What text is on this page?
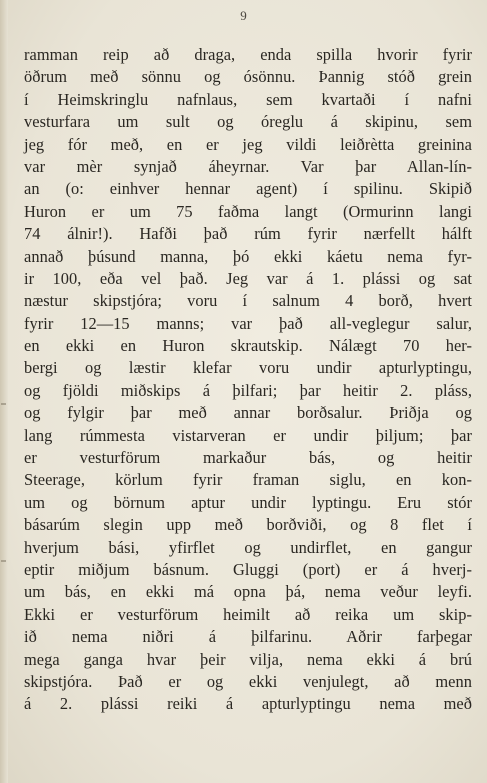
9
ramman reip að draga, enda spilla hvorir fyrir
öðrum með sönnu og ósönnu. Þannig stóð grein
í Heimskringlu nafnlaus, sem kvartaði í nafni
vesturfara um sult og óreglu á skipinu, sem
jeg fór með, en er jeg vildi leiðrètta greinina
var mèr synjað áheyrnar. Var þar Allan-lín-
an (o: einhver hennar agent) í spilinu. Skipið
Huron er um 75 faðma langt (Ormurinn langi
74 álnir!). Hafði það rúm fyrir nærfellt hálft
annað þúsund manna, þó ekki káetu nema fyr-
ir 100, eða vel það. Jeg var á 1. plássi og sat
næstur skipstjóra; voru í salnum 4 borð, hvert
fyrir 12—15 manns; var það all-veglegur salur,
en ekki en Huron skrautskip. Nálægt 70 her-
bergi og læstir klefar voru undir apturlyptingu,
og fjöldi miðskips á þilfari; þar heitir 2. pláss,
og fylgir þar með annar borðsalur. Þriðja og
lang rúmmesta vistarveran er undir þiljum; þar
er vesturförum markaður bás, og heitir
Steerage, körlum fyrir framan siglu, en kon-
um og börnum aptur undir lyptingu. Eru stór
básarúm slegin upp með borðviði, og 8 flet í
hverjum bási, yfirflet og undirflet, en gangur
eptir miðjum básnum. Gluggi (port) er á hverj-
um bás, en ekki má opna þá, nema veður leyfi.
Ekki er vesturförum heimilt að reika um skip-
ið nema niðri á þilfarinu. Aðrir farþegar
mega ganga hvar þeir vilja, nema ekki á brú
skipstjóra. Það er og ekki venjulegt, að menn
á 2. plássi reiki á apturlyptingu nema með
